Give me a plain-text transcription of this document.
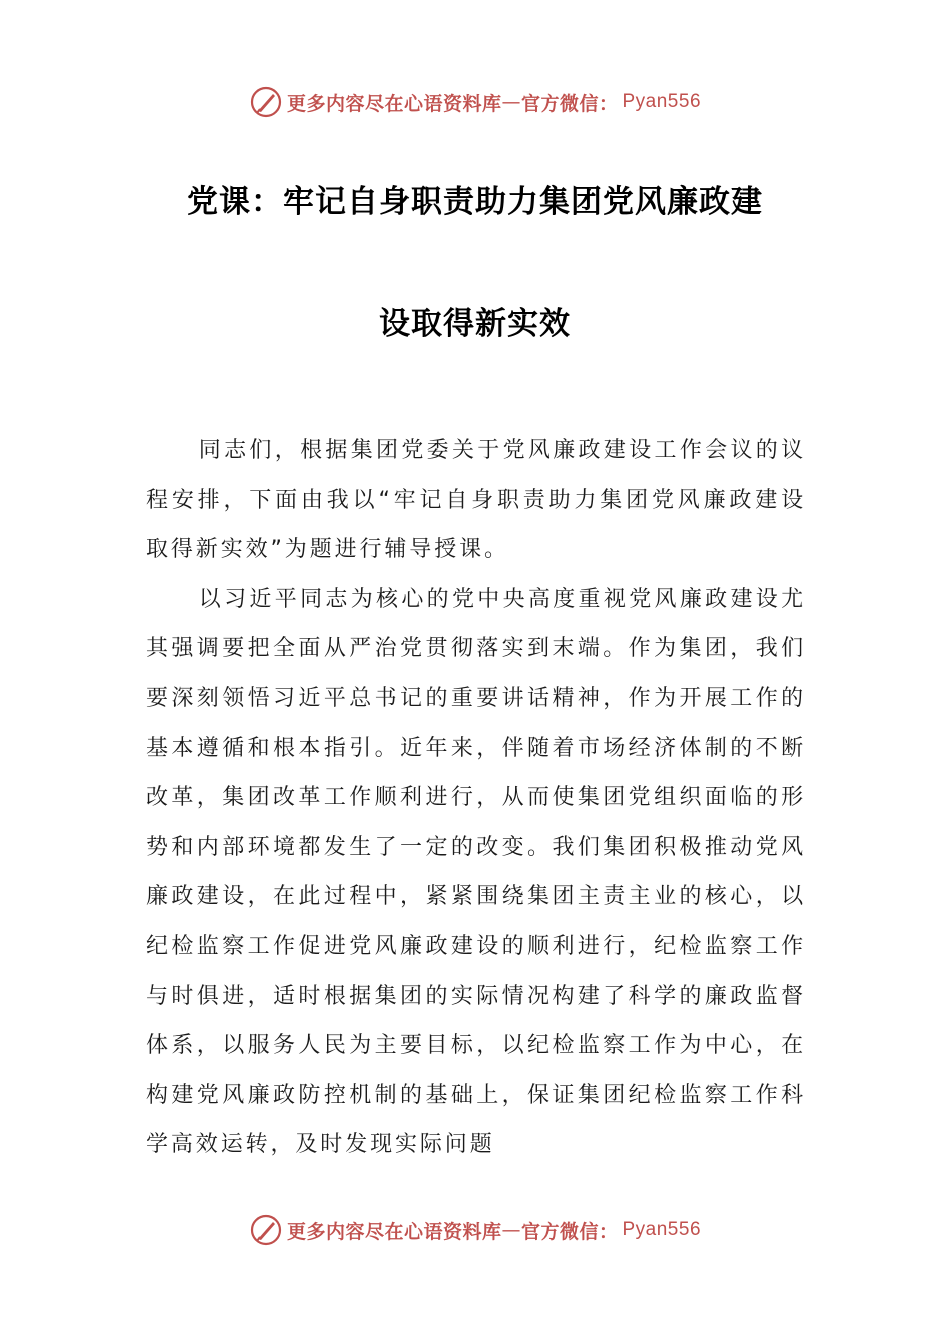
更多内容尽在心语资料库 — 官方微信： Pyan556
党课：牢记自身职责助力集团党风廉政建
设取得新实效

同志们，根据集团党委关于党风廉政建设工作会议的议程安排，下面由我以“牢记自身职责助力集团党风廉政建设取得新实效”为题进行辅导授课。

以习近平同志为核心的党中央高度重视党风廉政建设尤其强调要把全面从严治党贯彻落实到末端。作为集团，我们要深刻领悟习近平总书记的重要讲话精神，作为开展工作的基本遵循和根本指引。近年来，伴随着市场经济体制的不断改革，集团改革工作顺利进行，从而使集团党组织面临的形势和内部环境都发生了一定的改变。我们集团积极推动党风廉政建设，在此过程中，紧紧围绕集团主责主业的核心，以纪检监察工作促进党风廉政建设的顺利进行，纪检监察工作与时俱进，适时根据集团的实际情况构建了科学的廉政监督体系，以服务人民为主要目标，以纪检监察工作为中心，在构建党风廉政防控机制的基础上，保证集团纪检监察工作科学高效运转，及时发现实际问题

更多内容尽在心语资料库 — 官方微信： Pyan556
